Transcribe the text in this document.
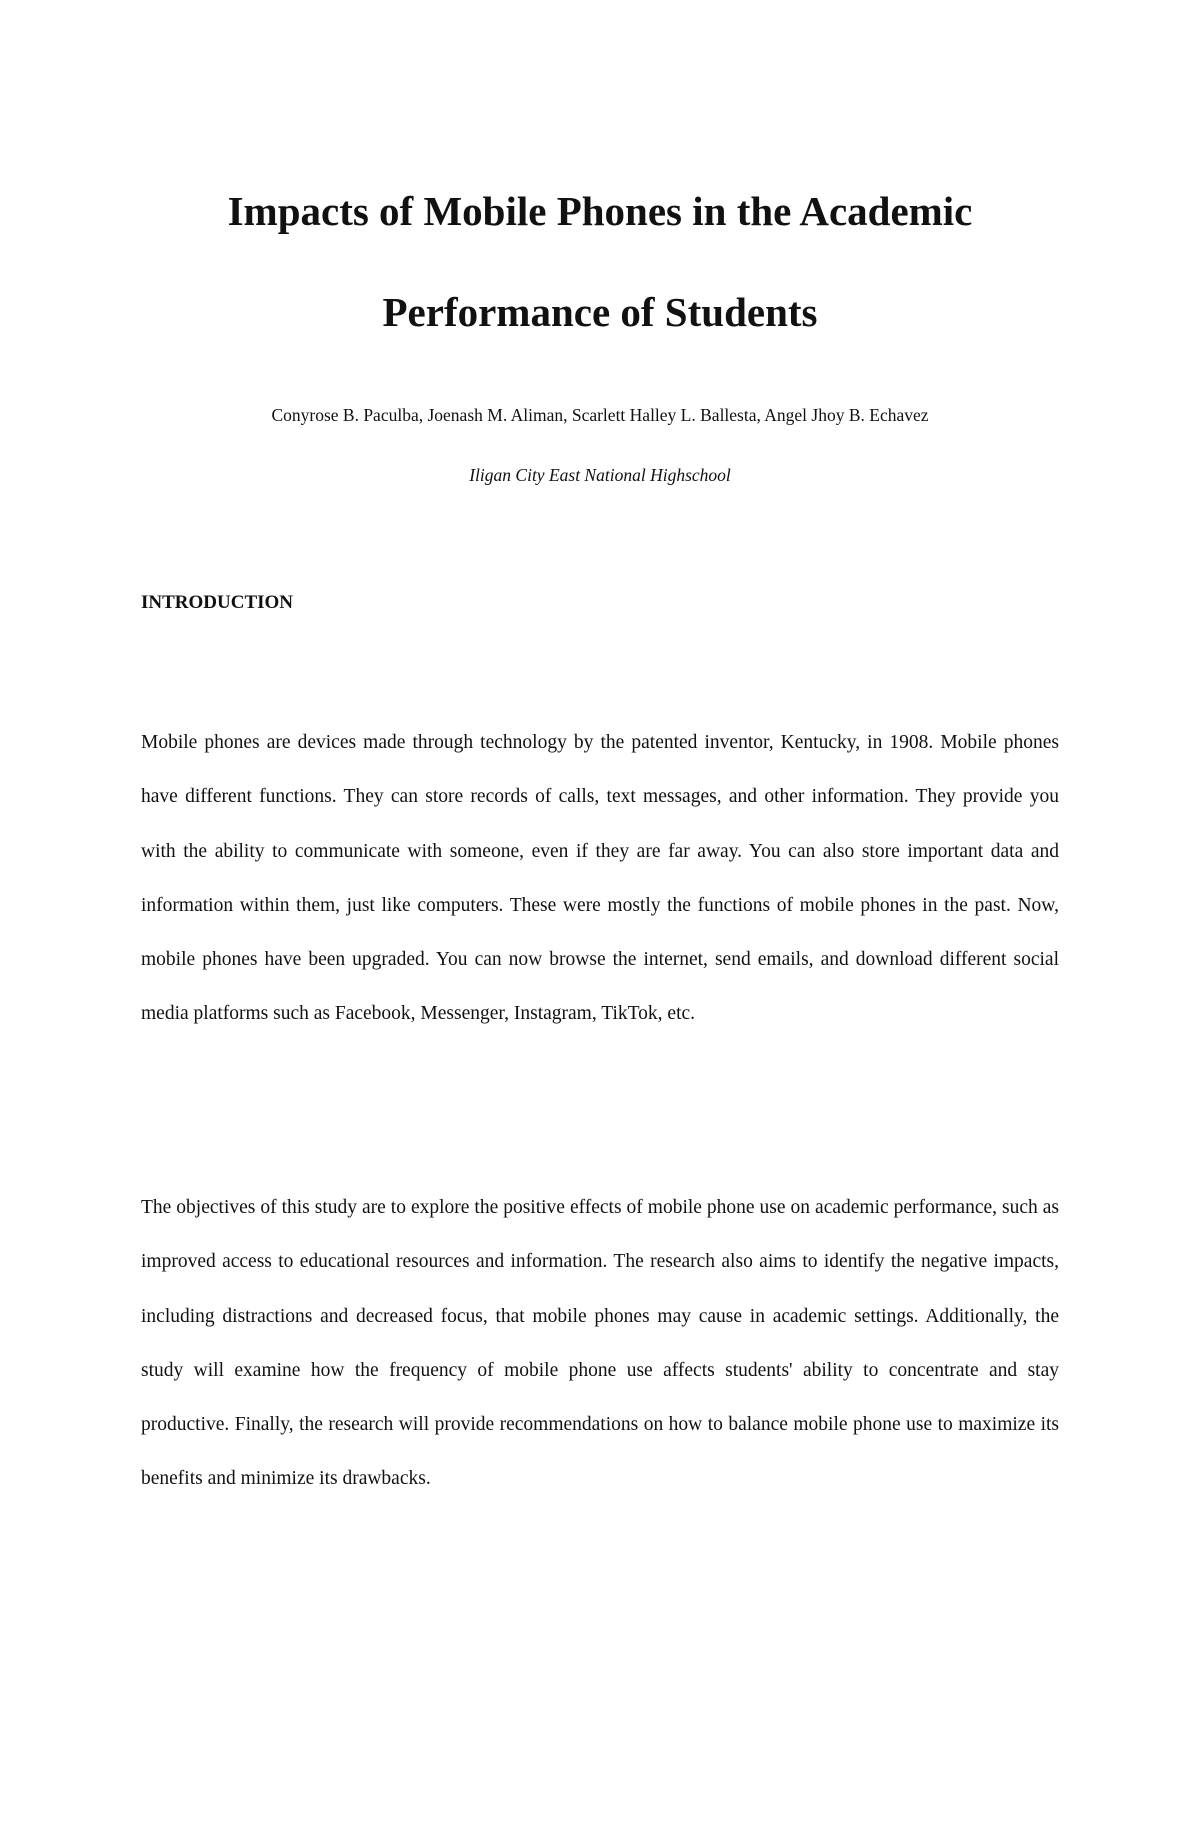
Impacts of Mobile Phones in the Academic
Performance of Students

Conyrose B. Paculba, Joenash M. Aliman, Scarlett Halley L. Ballesta, Angel Jhoy B. Echavez

Iligan City East National Highschool

INTRODUCTION

Mobile phones are devices made through technology by the patented inventor, Kentucky, in 1908. Mobile phones have different functions. They can store records of calls, text messages, and other information. They provide you with the ability to communicate with someone, even if they are far away. You can also store important data and information within them, just like computers. These were mostly the functions of mobile phones in the past. Now, mobile phones have been upgraded. You can now browse the internet, send emails, and download different social media platforms such as Facebook, Messenger, Instagram, TikTok, etc.

The objectives of this study are to explore the positive effects of mobile phone use on academic performance, such as improved access to educational resources and information. The research also aims to identify the negative impacts, including distractions and decreased focus, that mobile phones may cause in academic settings. Additionally, the study will examine how the frequency of mobile phone use affects students' ability to concentrate and stay productive. Finally, the research will provide recommendations on how to balance mobile phone use to maximize its benefits and minimize its drawbacks.
